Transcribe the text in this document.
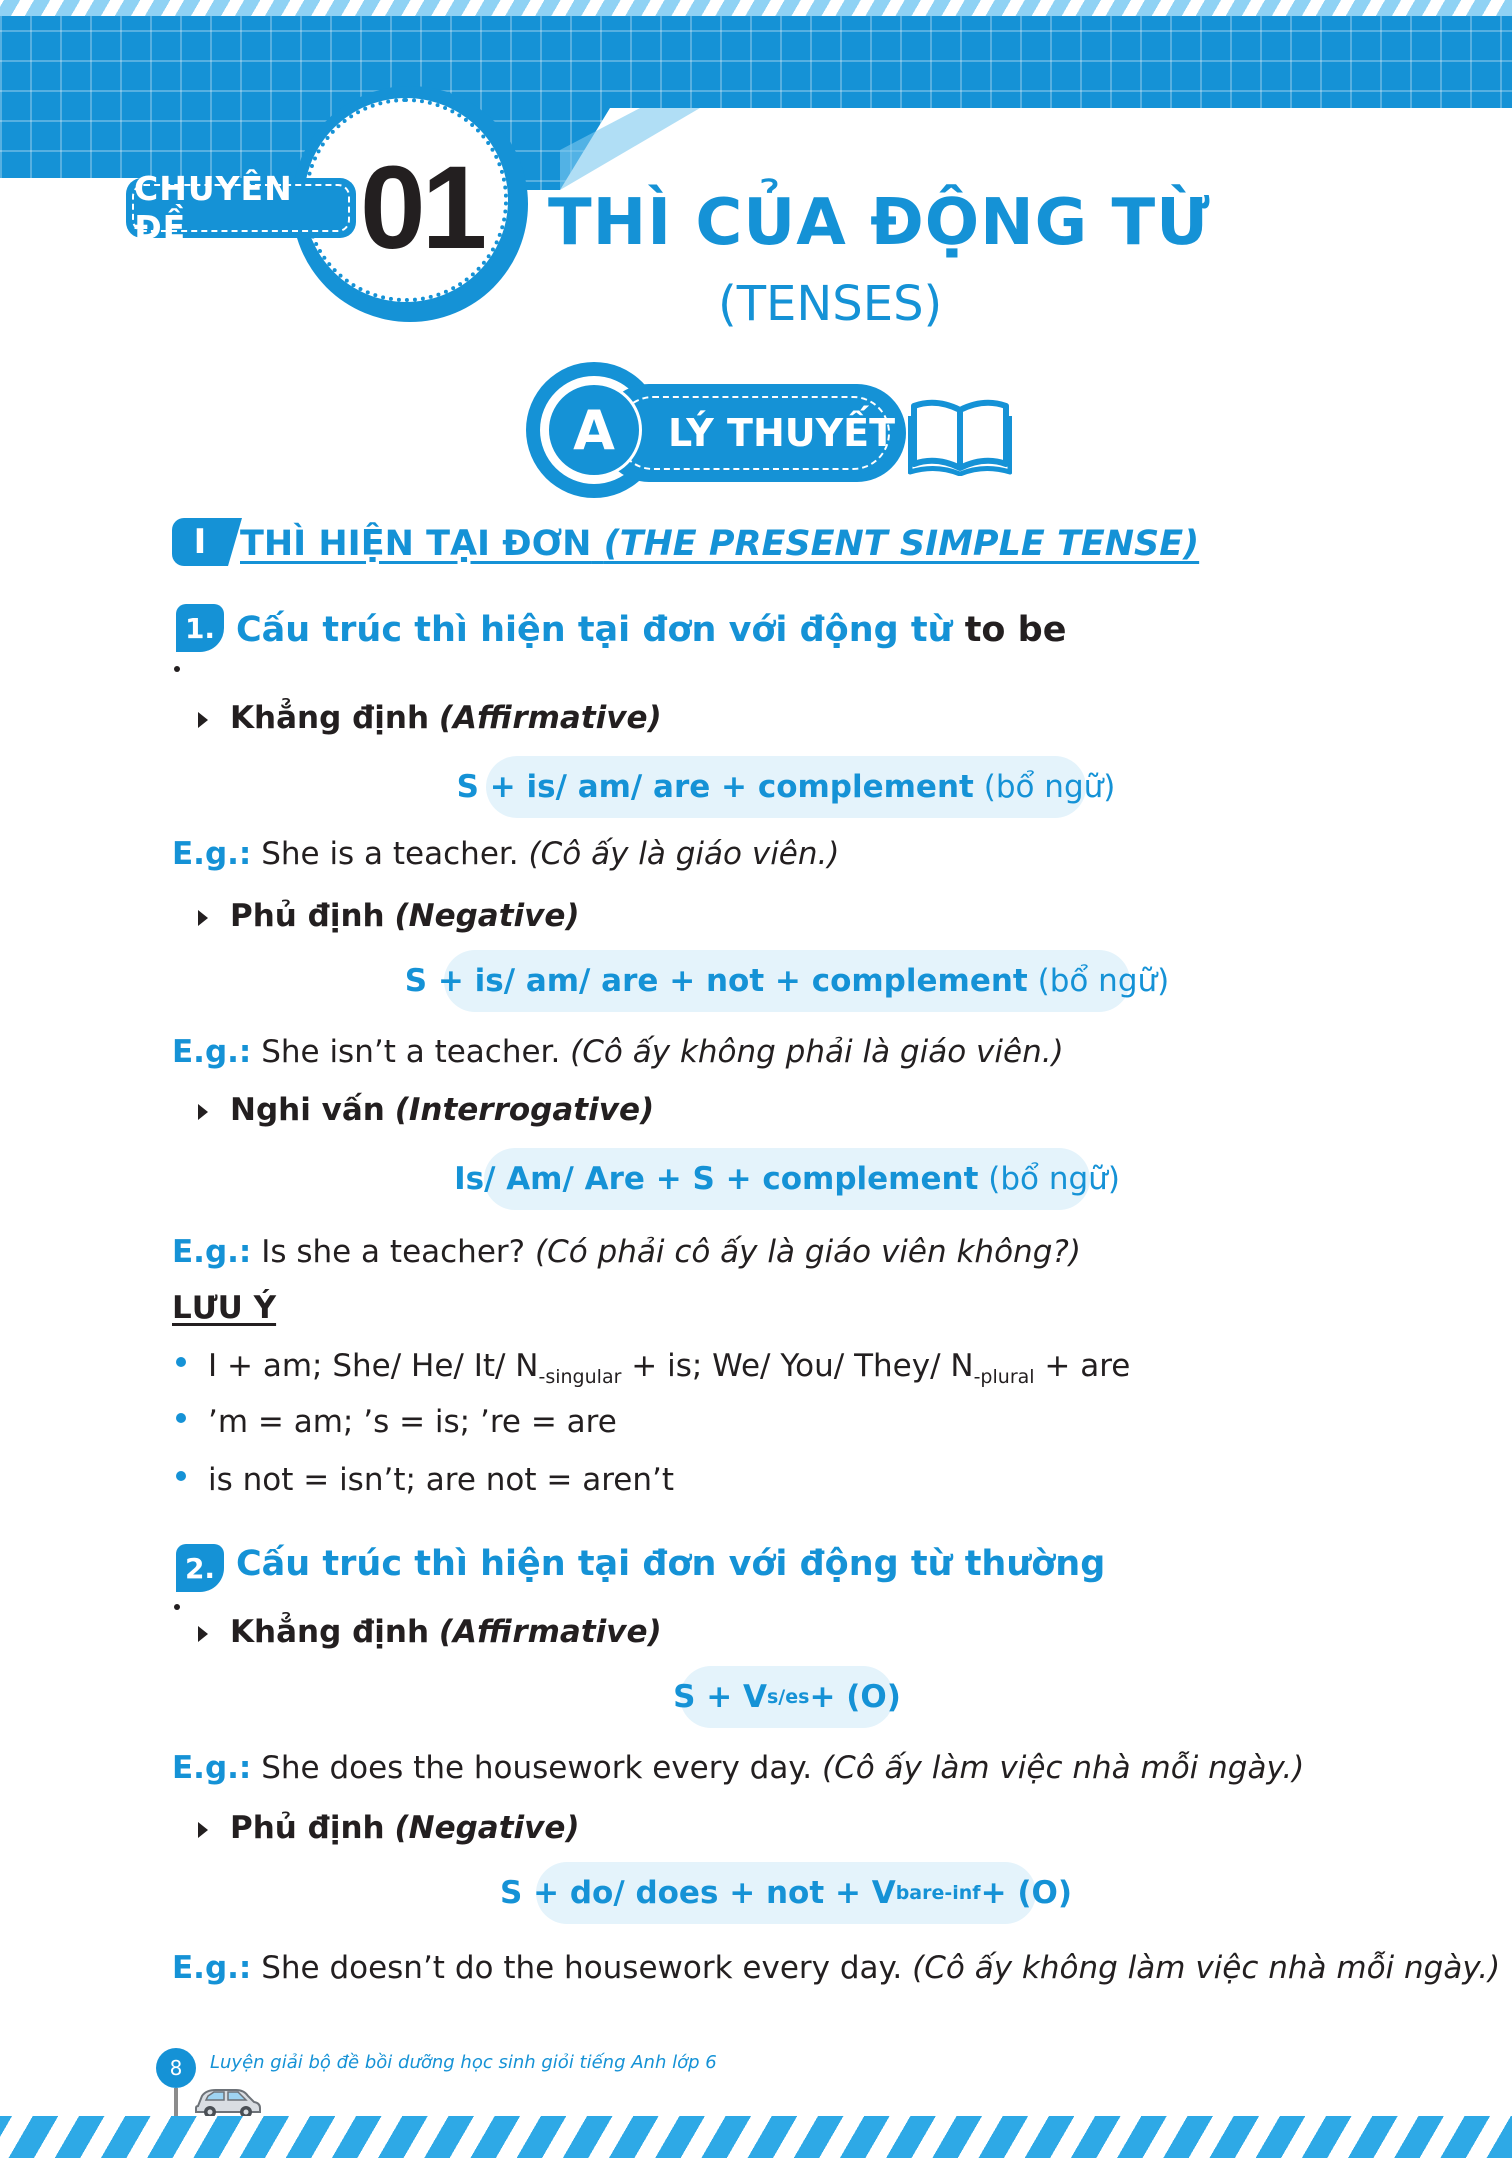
CHUYÊN ĐỀ	01 THÌ CỦA ĐỘNG TỪ
(TENSES)
LÝ THUYẾT
A
I THÌ HIỆN TẠI ĐƠN (THE PRESENT SIMPLE TENSE)
1. Cấu trúc thì hiện tại đơn với động từ to be
Khẳng định (Affirmative)
S + is/ am/ are + complement
(bổ ngữ)
E.g.: She is a teacher. (Cô ấy là giáo viên.)
Phủ định (Negative)
S + is/ am/ are + not + complement
(bổ ngữ)
E.g.: She isn’t a teacher. (Cô ấy không phải là giáo viên.)
Nghi vấn (Interrogative)
Is/ Am/ Are + S + complement
(bổ ngữ)
E.g.: Is she a teacher? (Có phải cô ấy là giáo viên không?)
LƯU Ý
I + am; She/ He/ It/ $N_{-singular}$ + is; We/ You/ They/ $N_{-plural}$ + are
’m = am; ’s = is; ’re = are
is not = isn’t; are not = aren’t
2. Cấu trúc thì hiện tại đơn với động từ thường
Khẳng định (Affirmative)
S + V s/es + (O)
E.g.: She does the housework every day. (Cô ấy làm việc nhà mỗi ngày.)
Phủ định (Negative)
S + do/ does + not + V bare-inf + (O)
E.g.: She doesn’t do the housework every day. (Cô ấy không làm việc nhà mỗi ngày.)
8	Luyện giải bộ đề bồi dưỡng học sinh giỏi tiếng Anh lớp 6
